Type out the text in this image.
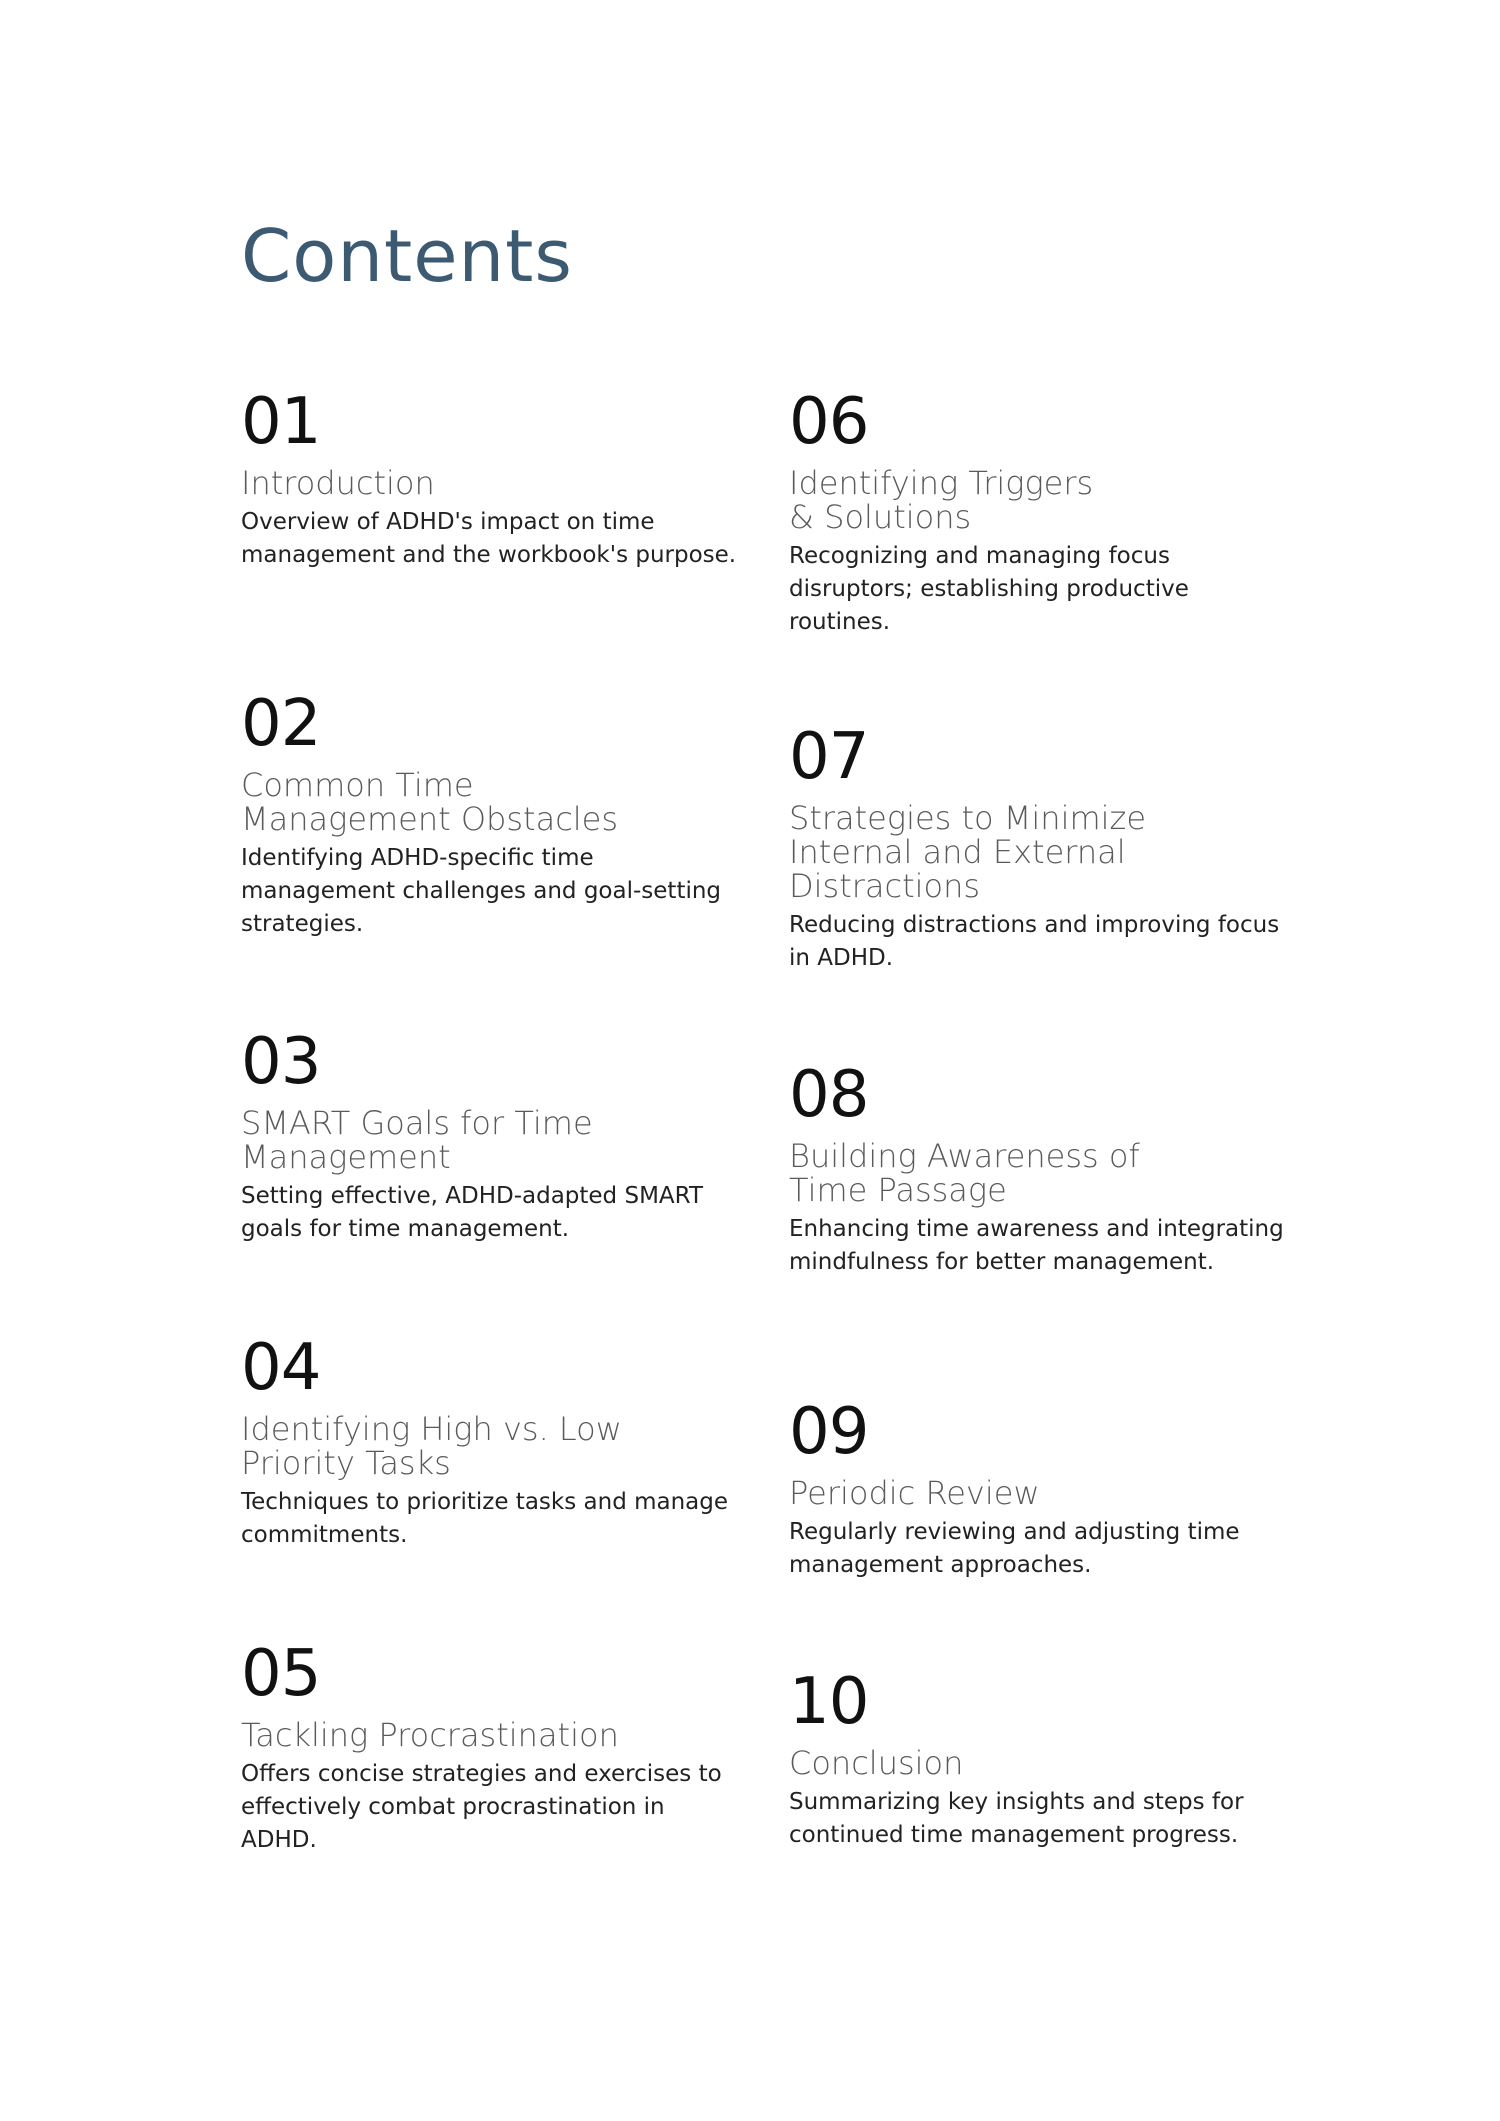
Contents
01
Introduction
Overview of ADHD's impact on time management and the workbook's purpose.
02
Common Time
Management Obstacles
Identifying ADHD-specific time management challenges and goal-setting strategies.
03
SMART Goals for Time
Management
Setting effective, ADHD-adapted SMART goals for time management.
04
Identifying High vs. Low
Priority Tasks
Techniques to prioritize tasks and manage commitments.
05
Tackling Procrastination
Offers concise strategies and exercises to effectively combat procrastination in ADHD.
06
Identifying Triggers
& Solutions
Recognizing and managing focus disruptors; establishing productive routines.
07
Strategies to Minimize
Internal and External
Distractions
Reducing distractions and improving focus in ADHD.
08
Building Awareness of
Time Passage
Enhancing time awareness and integrating mindfulness for better management.
09
Periodic Review
Regularly reviewing and adjusting time management approaches.
10
Conclusion
Summarizing key insights and steps for continued time management progress.
